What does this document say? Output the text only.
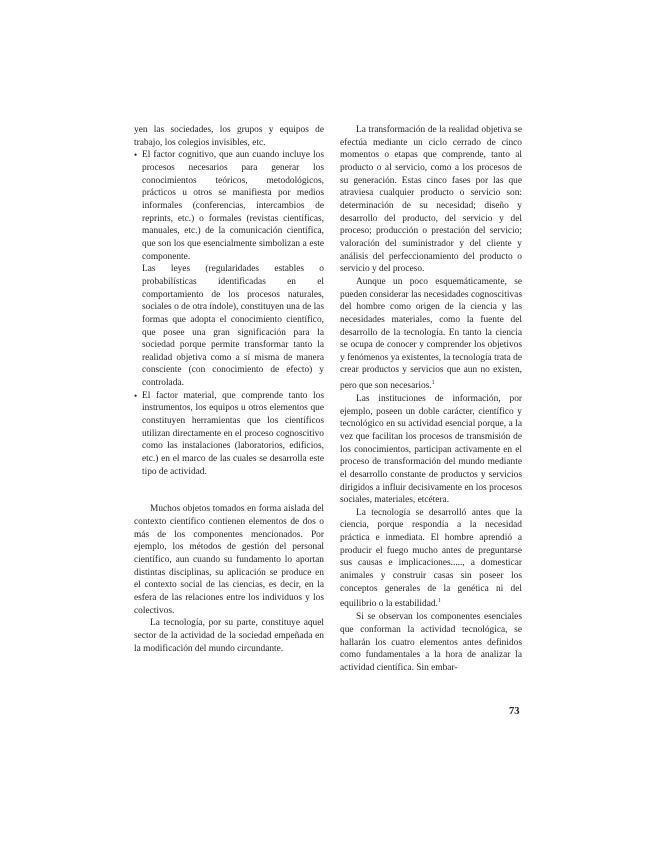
yen las sociedades, los grupos y equipos de trabajo, los colegios invisibles, etc.

• El factor cognitivo, que aun cuando incluye los procesos necesarios para generar los conocimientos teóricos, metodológicos, prácticos u otros se manifiesta por medios informales (conferencias, intercambios de reprints, etc.) o formales (revistas científicas, manuales, etc.) de la comunicación científica, que son los que esencialmente simbolizan a este componente.

Las leyes (regularidades estables o probabilísticas identificadas en el comportamiento de los procesos naturales, sociales o de otra índole), constituyen una de las formas que adopta el conocimiento científico, que posee una gran significación para la sociedad porque permite transformar tanto la realidad objetiva como a sí misma de manera consciente (con conocimiento de efecto) y controlada.

• El factor material, que comprende tanto los instrumentos, los equipos u otros elementos que constituyen herramientas que los científicos utilizan directamente en el proceso cognoscitivo como las instalaciones (laboratorios, edificios, etc.) en el marco de las cuales se desarrolla este tipo de actividad.

Muchos objetos tomados en forma aislada del contexto científico contienen elementos de dos o más de los componentes mencionados. Por ejemplo, los métodos de gestión del personal científico, aun cuando su fundamento lo aportan distintas disciplinas, su aplicación se produce en el contexto social de las ciencias, es decir, en la esfera de las relaciones entre los individuos y los colectivos.

La tecnología, por su parte, constituye aquel sector de la actividad de la sociedad empeñada en la modificación del mundo circundante.

La transformación de la realidad objetiva se efectúa mediante un ciclo cerrado de cinco momentos o etapas que comprende, tanto al producto o al servicio, como a los procesos de su generación. Estas cinco fases por las que atraviesa cualquier producto o servicio son: determinación de su necesidad; diseño y desarrollo del producto, del servicio y del proceso; producción o prestación del servicio; valoración del suministrador y del cliente y análisis del perfeccionamiento del producto o servicio y del proceso.

Aunque un poco esquemáticamente, se pueden considerar las necesidades cognoscitivas del hombre como origen de la ciencia y las necesidades materiales, como la fuente del desarrollo de la tecnología. En tanto la ciencia se ocupa de conocer y comprender los objetivos y fenómenos ya existentes, la tecnología trata de crear productos y servicios que aun no existen, pero que son necesarios.$^1$

Las instituciones de información, por ejemplo, poseen un doble carácter, científico y tecnológico en su actividad esencial porque, a la vez que facilitan los procesos de transmisión de los conocimientos, participan activamente en el proceso de transformación del mundo mediante el desarrollo constante de productos y servicios dirigidos a influir decisivamente en los procesos sociales, materiales, etcétera.

La tecnología se desarrolló antes que la ciencia, porque respondía a la necesidad práctica e inmediata. El hombre aprendió a producir el fuego mucho antes de preguntarse sus causas e implicaciones....., a domesticar animales y construir casas sin poseer los conceptos generales de la genética ni del equilibrio o la estabilidad.$^1$

Si se observan los componentes esenciales que conforman la actividad tecnológica, se hallarán los cuatro elementos antes definidos como fundamentales a la hora de analizar la actividad científica. Sin embar-

73
